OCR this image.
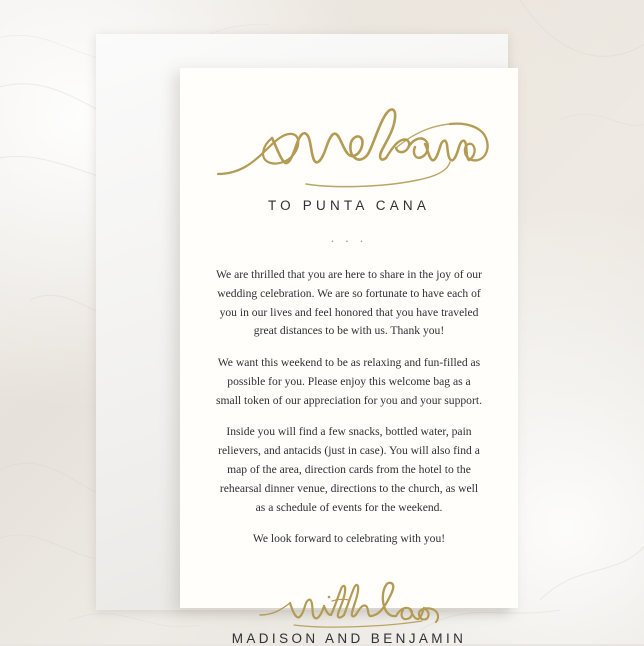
TO PUNTA CANA
. . .

We are thrilled that you are here to share in the joy of our wedding celebration. We are so fortunate to have each of you in our lives and feel honored that you have traveled great distances to be with us. Thank you!

We want this weekend to be as relaxing and fun-filled as possible for you. Please enjoy this welcome bag as a small token of our appreciation for you and your support.

Inside you will find a few snacks, bottled water, pain relievers, and antacids (just in case). You will also find a map of the area, direction cards from the hotel to the rehearsal dinner venue, directions to the church, as well as a schedule of events for the weekend.

We look forward to celebrating with you!

MADISON AND BENJAMIN
